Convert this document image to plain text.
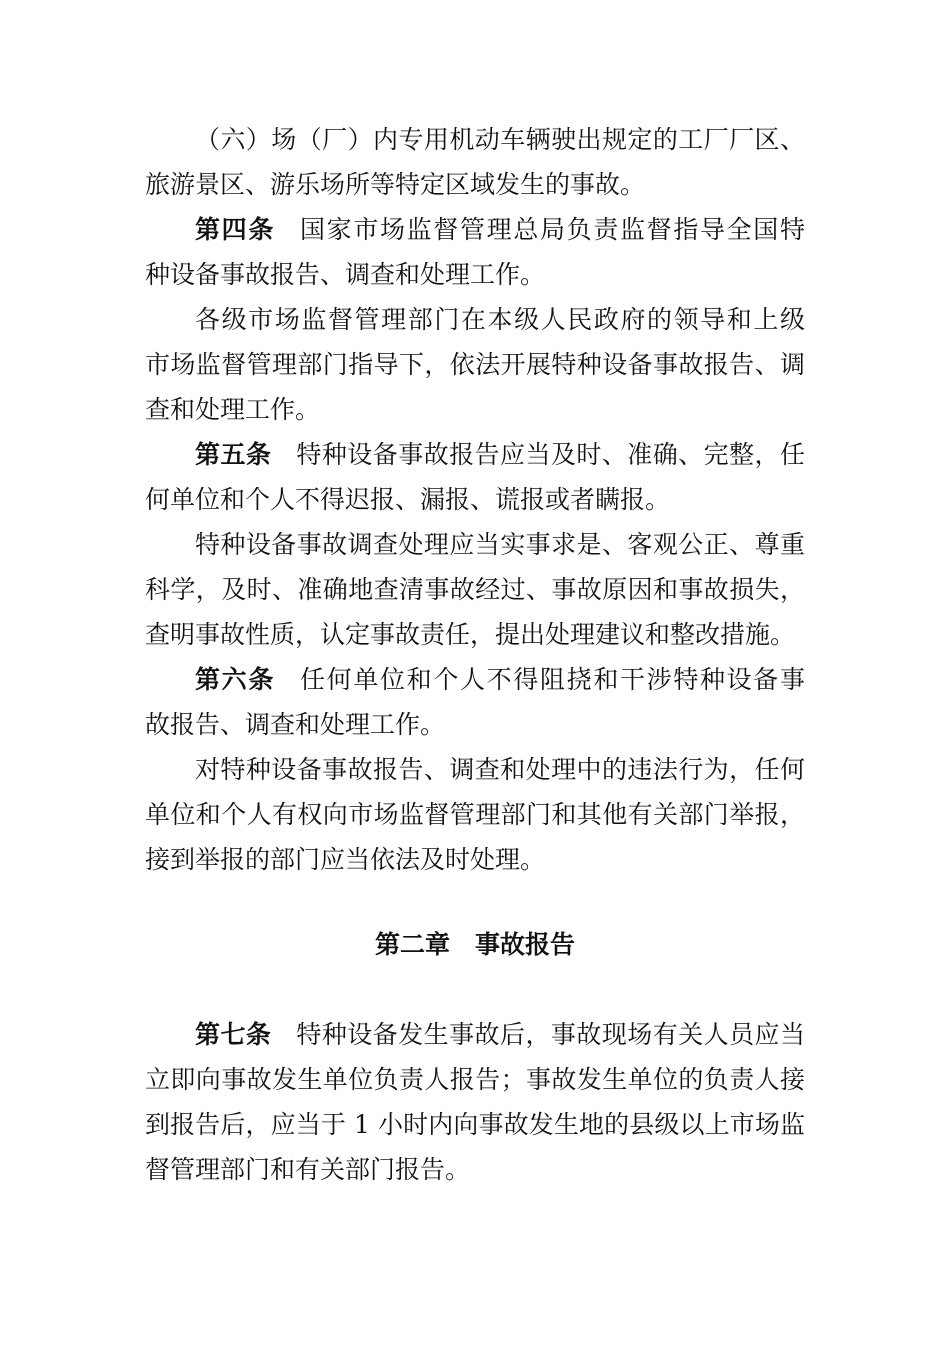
（六）场（厂）内专用机动车辆驶出规定的工厂厂区、
旅游景区、游乐场所等特定区域发生的事故。
第四条 国家市场监督管理总局负责监督指导全国特
种设备事故报告、调查和处理工作。
各级市场监督管理部门在本级人民政府的领导和上级
市场监督管理部门指导下，依法开展特种设备事故报告、调
查和处理工作。
第五条 特种设备事故报告应当及时、准确、完整，任
何单位和个人不得迟报、漏报、谎报或者瞒报。
特种设备事故调查处理应当实事求是、客观公正、尊重
科学，及时、准确地查清事故经过、事故原因和事故损失，
查明事故性质，认定事故责任，提出处理建议和整改措施。
第六条 任何单位和个人不得阻挠和干涉特种设备事
故报告、调查和处理工作。
对特种设备事故报告、调查和处理中的违法行为，任何
单位和个人有权向市场监督管理部门和其他有关部门举报，
接到举报的部门应当依法及时处理。
第二章 事故报告
第七条 特种设备发生事故后，事故现场有关人员应当
立即向事故发生单位负责人报告；事故发生单位的负责人接
到报告后，应当于 1 小时内向事故发生地的县级以上市场监
督管理部门和有关部门报告。
